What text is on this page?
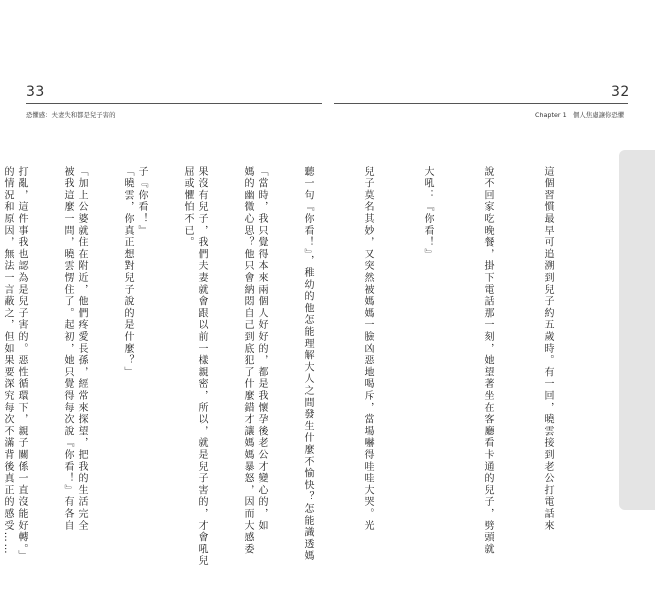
33	32
恐懼感：夫妻失和都是兒子害的	Chapter 1　個人焦慮讓你恐懼

這個習慣最早可追溯到兒子約五歲時。有一回，曉雲接到老公打電話來

說不回家吃晚餐，掛下電話那一刻，她望著坐在客廳看卡通的兒子，劈頭就

大吼：『你看！』

兒子莫名其妙，又突然被媽媽一臉凶惡地喝斥，當場嚇得哇哇大哭。光

聽一句『你看！』，稚幼的他怎能理解大人之間發生什麼不愉快？怎能識透媽

媽的幽微心思？他只會納悶自己到底犯了什麼錯才讓媽媽暴怒，因而大感委

屈或懼怕不已。

「曉雲，你真正想對兒子說的是什麼？」

被我這麼一問，曉雲愣住了。起初，她只覺得每次說『你看！』有各自

的情況和原因，無法一言蔽之，但如果要深究每次不滿背後真正的感受……

	「當時，我只覺得本來兩個人好好的，都是我懷孕後老公才變心的，如

果沒有兒子，我們夫妻就會跟以前一樣親密，所以，就是兒子害的，才會吼兒

子『你看！』

「加上公婆就住在附近，他們疼愛長孫，經常來探望，把我的生活完全

打亂，這件事我也認為是兒子害的。惡性循環下，親子關係一直沒能好轉。」
